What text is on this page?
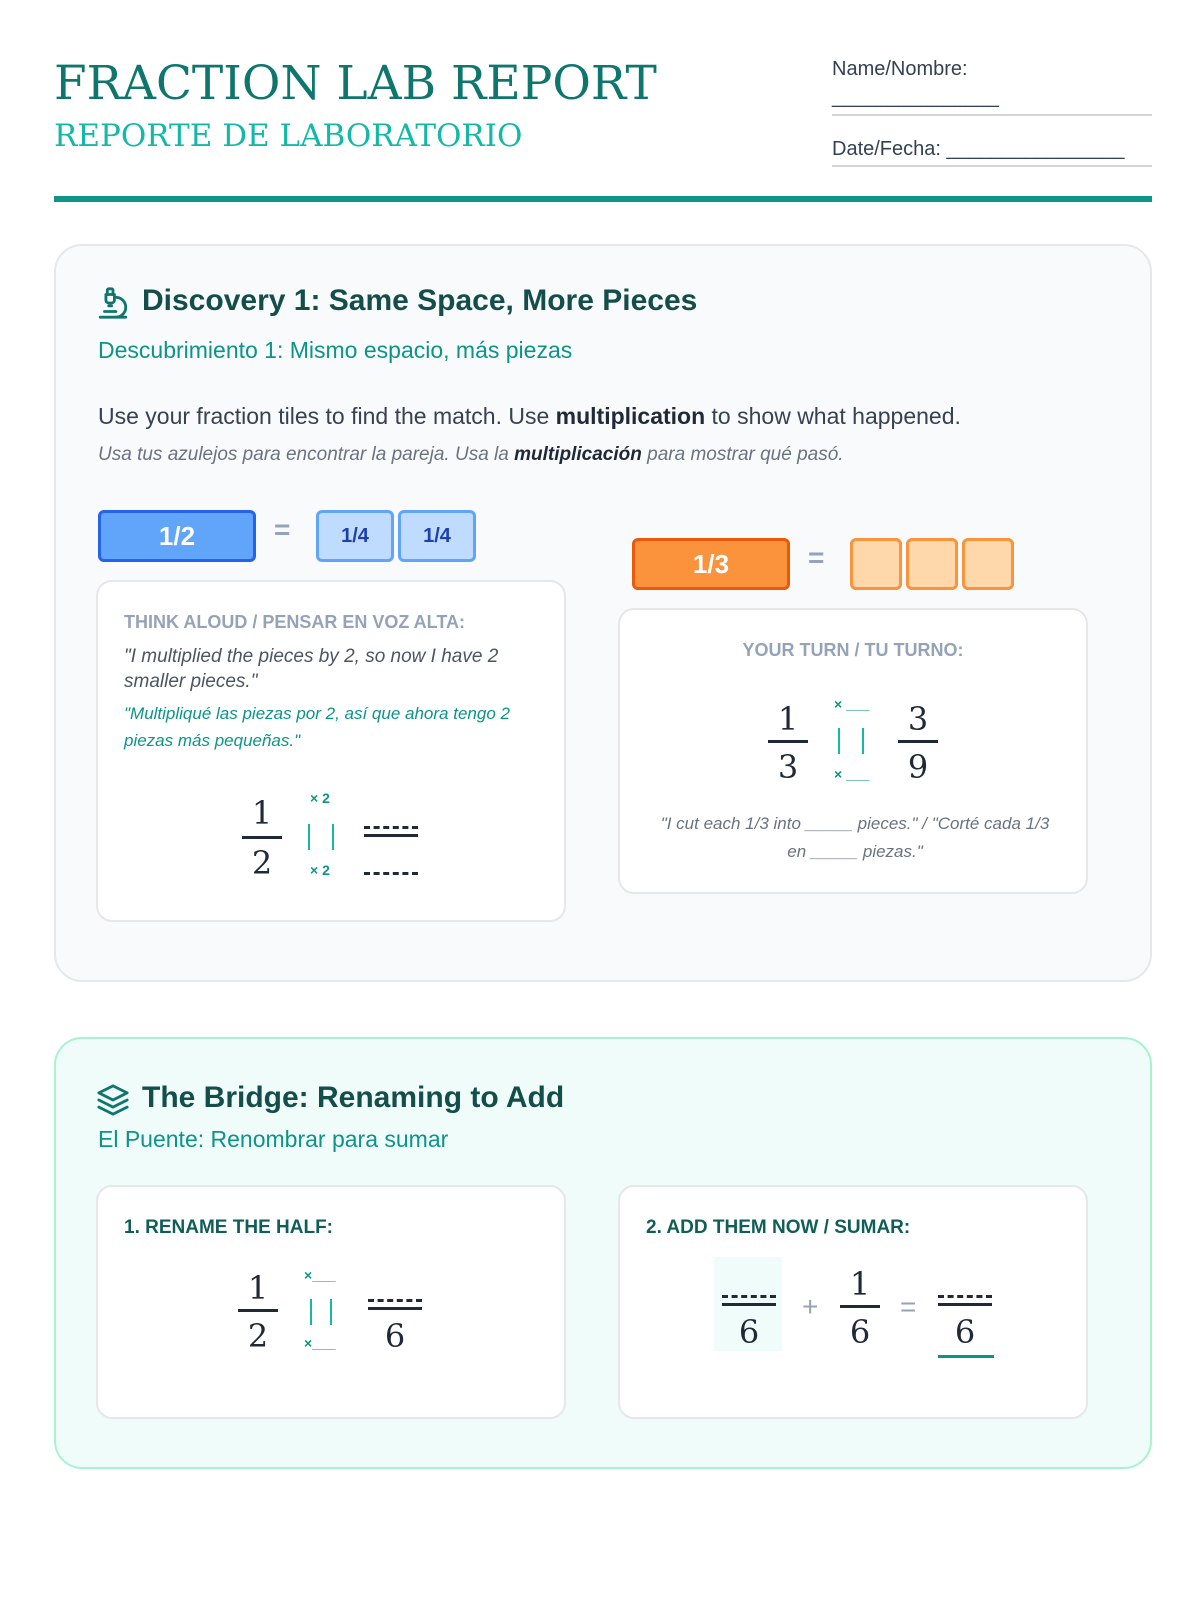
FRACTION LAB REPORT
REPORTE DE LABORATORIO
Name/Nombre:
_______________
Date/Fecha: ________________
Discovery 1: Same Space, More Pieces
Descubrimiento 1: Mismo espacio, más piezas
Use your fraction tiles to find the match. Use multiplication to show what happened.
Usa tus azulejos para encontrar la pareja. Usa la multiplicación para mostrar qué pasó.
1/2	=	1/4	1/4
1/3	=
THINK ALOUD / PENSAR EN VOZ ALTA:
"I multiplied the pieces by 2, so now I have 2 smaller pieces."
"Multipliqué las piezas por 2, así que ahora tengo 2 piezas más pequeñas."
1
2
× 2
× 2
YOUR TURN / TU TURNO:
1
3
× ___
× ___
3
9
"I cut each 1/3 into _____ pieces." / "Corté cada 1/3 en _____ piezas."
The Bridge: Renaming to Add
El Puente: Renombrar para sumar
1. RENAME THE HALF:
1
2
×___
×___	6
2. ADD THEM NOW / SUMAR:
6
+
1
6
=
6
